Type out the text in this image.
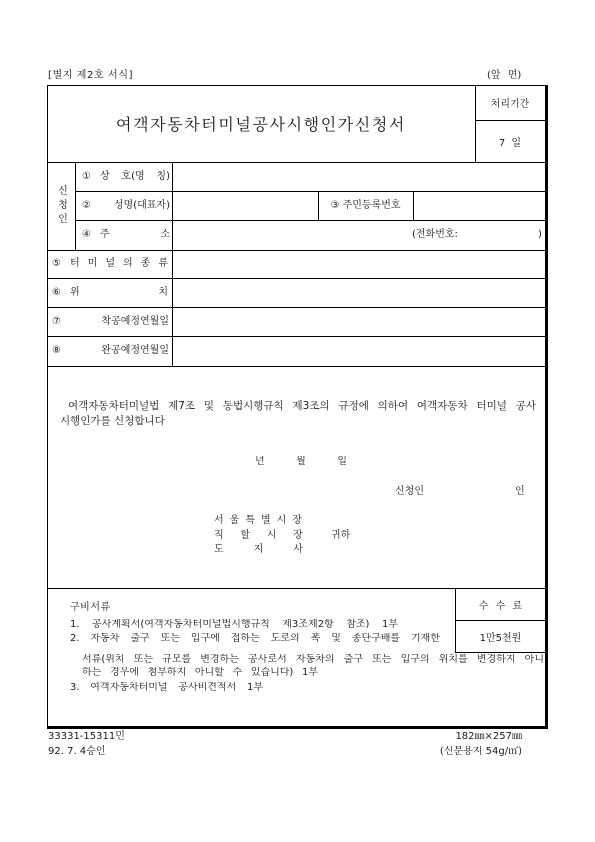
[별지 제2호 서식]	(앞 면)
여객자동차터미널공사시행인가신청서
처리기간
7 일
신청인
① 상 호(명 칭)
②	성명(대표자)	③ 주민등록번호
④ 주 소	(전화번호:	)
⑤ 터 미 널 의 종 류
⑥ 위 치
⑦	착공예정연월일
⑧	완공예정연월일
여객자동차터미널법 제7조 및 동법시행규칙 제3조의 규정에 의하여 여객자동차 터미널 공사
시행인가를 신청합니다
년 월 일
신청인	인
서울특별시장
직할시장 귀하
도지사
구비서류
1. 공사계획서(여객자동차터미널법시행규칙 제3조제2항 참조) 1부
2. 자동차 출구 또는 입구에 접하는 도로의 폭 및 종단구배를 기재한
서류(위치 또는 규모를 변경하는 공사로서 자동차의 출구 또는 입구의 위치를 변경하지 아니
하는 경우에 첨부하지 아니할 수 있습니다) 1부
3. 여객자동차터미널 공사비견적서 1부
수 수 료
1만5천원
33331-15311민
92. 7. 4승인
182㎜×257㎜
(신문용지 54g/㎡)
